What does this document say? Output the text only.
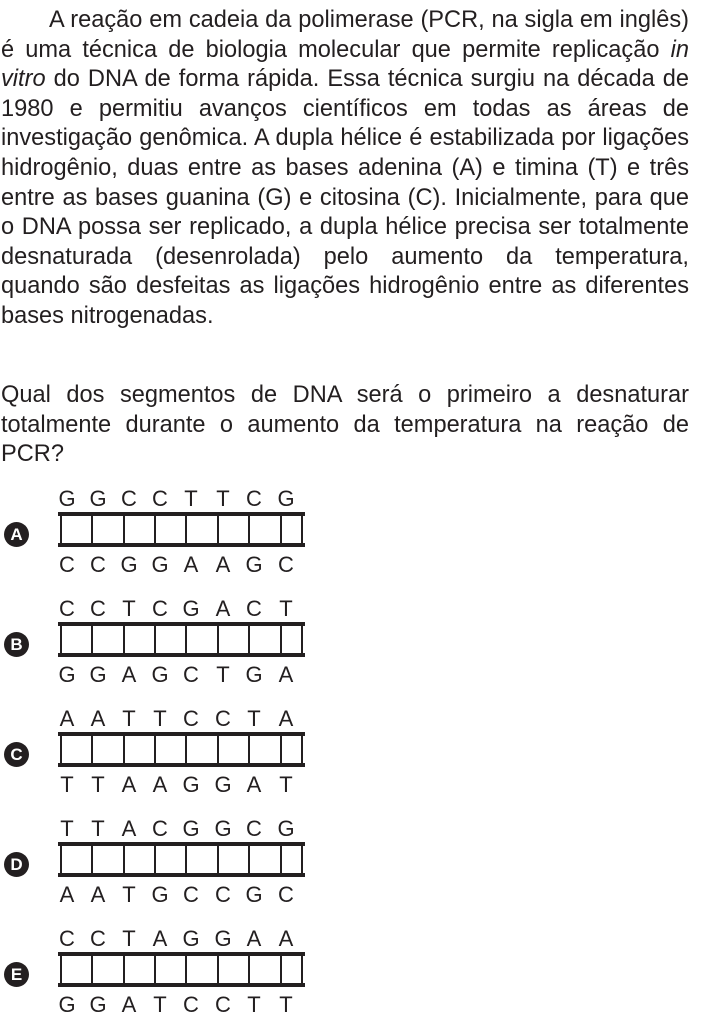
A reação em cadeia da polimerase (PCR, na sigla em inglês) é uma técnica de biologia molecular que permite replicação in vitro do DNA de forma rápida. Essa técnica surgiu na década de 1980 e permitiu avanços científicos em todas as áreas de investigação genômica. A dupla hélice é estabilizada por ligações hidrogênio, duas entre as bases adenina (A) e timina (T) e três entre as bases guanina (G) e citosina (C). Inicialmente, para que o DNA possa ser replicado, a dupla hélice precisa ser totalmente desnaturada (desenrolada) pelo aumento da temperatura, quando são desfeitas as ligações hidrogênio entre as diferentes bases nitrogenadas.

Qual dos segmentos de DNA será o primeiro a desnaturar totalmente durante o aumento da temperatura na reação de PCR?

A
G G C C T T C G
C C G G A A G C
B
C C T C G A C T
G G A G C T G A
C
A A T T C C T A
T T A A G G A T
D
T T A C G G C G
A A T G C C G C
E
C C T A G G A A
G G A T C C T T
